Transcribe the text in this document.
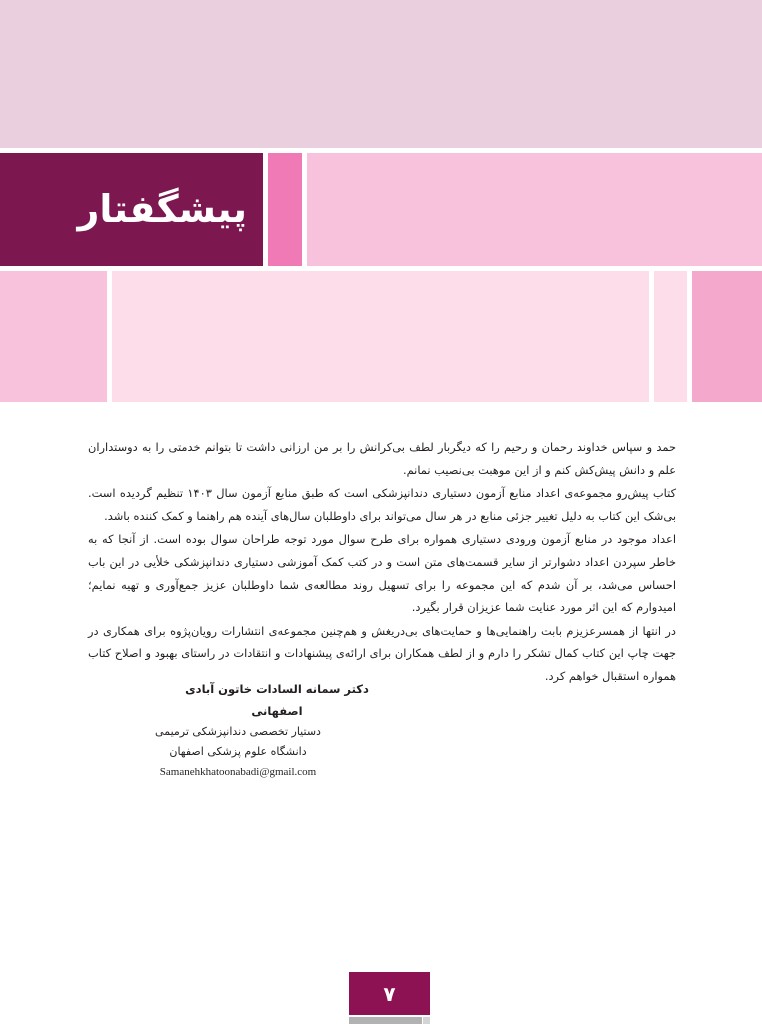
پیشگفتار

حمد و سپاس خداوند رحمان و رحیم را که دیگربار لطف بی‌کرانش را بر من ارزانی داشت تا بتوانم خدمتی را به دوستداران علم و دانش پیش‌کش کنم و از این موهبت بی‌نصیب نمانم.

کتاب پیش‌رو مجموعه‌ی اعداد منابع آزمون دستیاری دندانپزشکی است که طبق منابع آزمون سال ۱۴۰۳ تنظیم گردیده است. بی‌شک این کتاب به دلیل تغییر جزئی منابع در هر سال می‌تواند برای داوطلبان سال‌های آینده هم راهنما و کمک کننده باشد.

اعداد موجود در منابع آزمون ورودی دستیاری همواره برای طرح سوال مورد توجه طراحان سوال بوده است. از آنجا که به خاطر سپردن اعداد دشوارتر از سایر قسمت‌های متن است و در کتب کمک آموزشی دستیاری دندانپزشکی خلأیی در این باب احساس می‌شد، بر آن شدم که این مجموعه را برای تسهیل روند مطالعه‌ی شما داوطلبان عزیز جمع‌آوری و تهیه نمایم؛ امیدوارم که این اثر مورد عنایت شما عزیزان قرار بگیرد.

در انتها از همسرعزیزم بابت راهنمایی‌ها و حمایت‌های بی‌دریغش و هم‌چنین مجموعه‌ی انتشارات رویان‌پژوه برای همکاری در جهت چاپ این کتاب کمال تشکر را دارم و از لطف همکاران برای ارائه‌ی پیشنهادات و انتقادات در راستای بهبود و اصلاح کتاب همواره استقبال خواهم کرد.

دکتر سمانه السادات خاتون آبادی اصفهانی
دستیار تخصصی دندانپزشکی ترمیمی
دانشگاه علوم پزشکی اصفهان
Samanehkhatoonabadi@gmail.com
۷
